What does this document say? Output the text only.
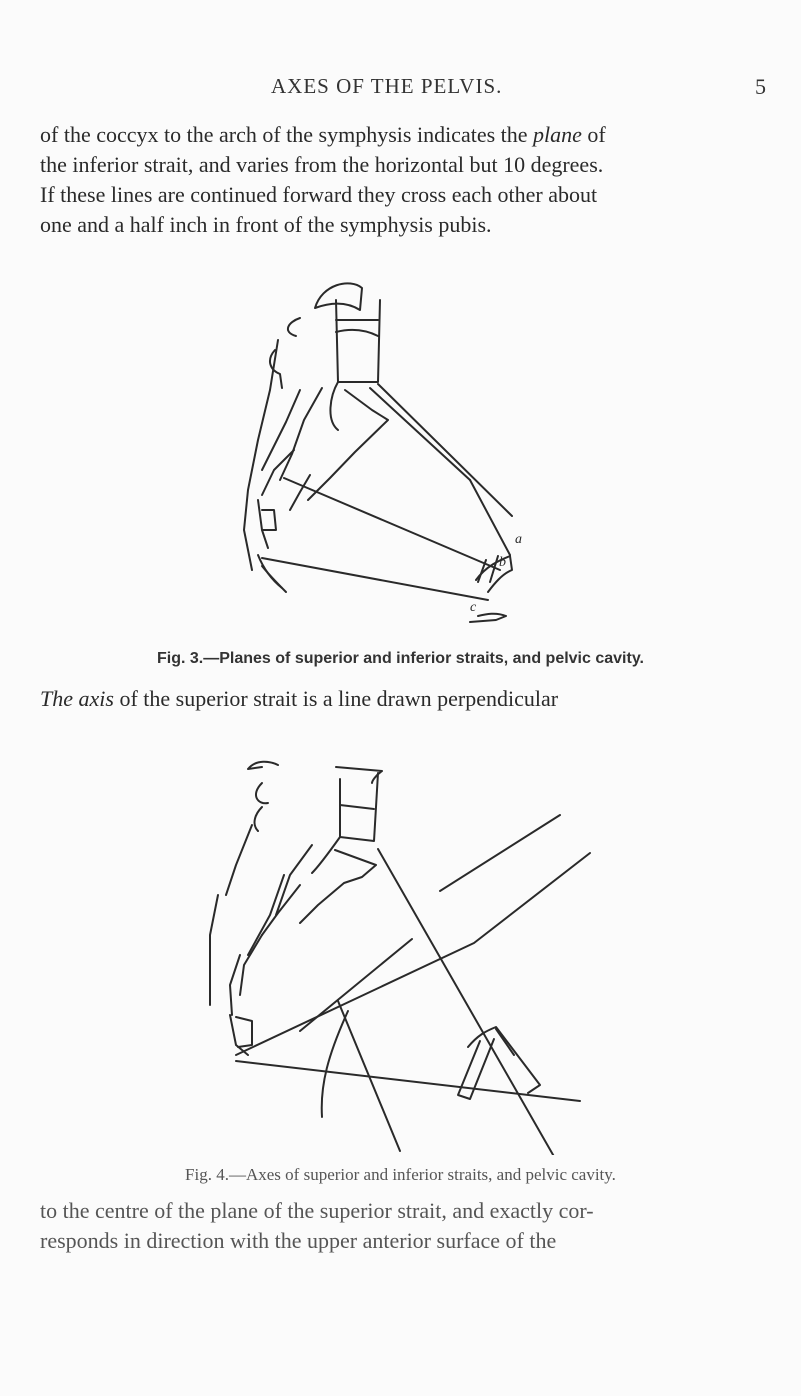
AXES OF THE PELVIS.	5

of the coccyx to the arch of the symphysis indicates the plane of

the inferior strait, and varies from the horizontal but 10 degrees.

If these lines are continued forward they cross each other about

one and a half inch in front of the symphysis pubis.

a
b
c
Fig. 3.—Planes of superior and inferior straits, and pelvic cavity.

The axis of the superior strait is a line drawn perpendicular

Fig. 4.—Axes of superior and inferior straits, and pelvic cavity.

to the centre of the plane of the superior strait, and exactly cor-

responds in direction with the upper anterior surface of the
